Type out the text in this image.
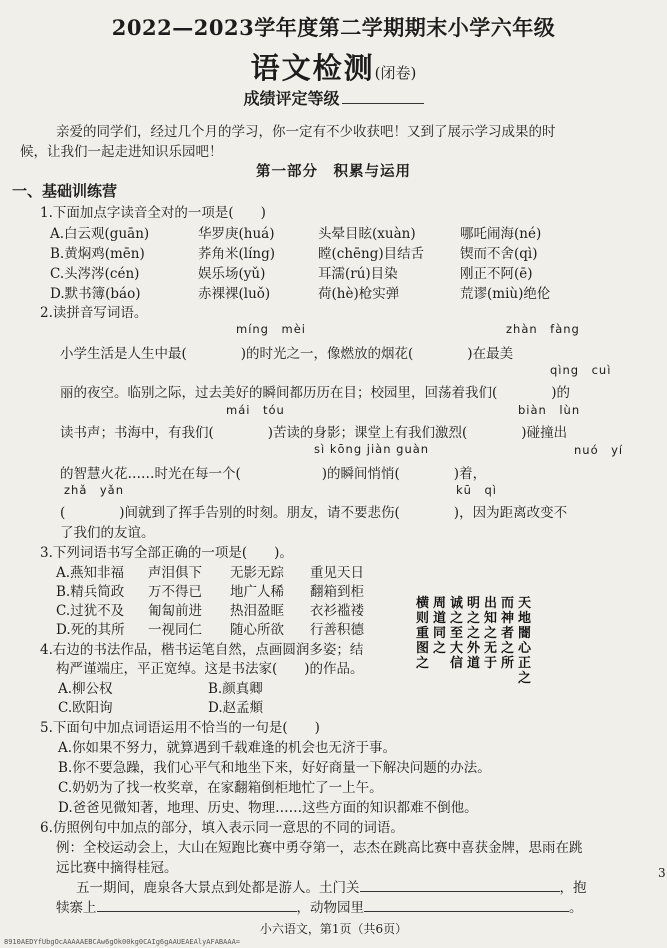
2022—2023学年度第二学期期末小学六年级
语文检测(闭卷)
成绩评定等级
亲爱的同学们，经过几个月的学习，你一定有不少收获吧！又到了展示学习成果的时
候，让我们一起走进知识乐园吧！
第一部分　积累与运用
一、基础训练营
1.下面加点字读音全对的一项是(　　)
A.白云观(guān)	华罗庚(huá)	头晕目眩(xuàn)	哪吒闹海(né)
B.黄焖鸡(mēn)	荞角米(líng)	瞠(chēng)目结舌	锲而不舍(qì)
C.头涔涔(cén)	娱乐场(yǔ)	耳濡(rú)目染	刚正不阿(ē)
D.默书簿(báo)	赤裸裸(luǒ)	荷(hè)枪实弹	荒谬(miù)绝伦
2.读拼音写词语。
míng　mèi	zhàn　fàng
小学生活是人生中最(　　　　)的时光之一，像燃放的烟花(　　　　)在最美
qìng　cuì
丽的夜空。临别之际，过去美好的瞬间都历历在目；校园里，回荡着我们(　　　　)的
mái　tóu	biàn　lùn
读书声；书海中，有我们(　　　　)苦读的身影；课堂上有我们激烈(　　　　)碰撞出
sì kōng jiàn guàn	nuó　yí
的智慧火花……时光在每一个(　　　　　　)的瞬间悄悄(　　　　)着，
zhǎ　yǎn	kū　qì
(　　　　)间就到了挥手告别的时刻。朋友，请不要悲伤(　　　　)，因为距离改变不
了我们的友谊。
3.下列词语书写全部正确的一项是(　　)。
A.燕知非福 声泪俱下 无影无踪 重见天日
B.精兵简政 万不得已 地广人稀 翻箱到柜
C.过犹不及 匍匐前进 热泪盈眶 衣衫褴褛
D.死的其所 一视同仁 随心所欲 行善积德
4.右边的书法作品，楷书运笔自然，点画圆润多姿；结
构严谨端庄，平正宽绰。这是书法家(　　)的作品。
A.柳公权	B.颜真卿
C.欧阳询	D.赵孟頫
天地闇心正之
而神者之所
出知之无于
明之之外道
诚之至大信
周道同之
横则重图之
5.下面句中加点词语运用不恰当的一句是(　　)
A.你如果不努力，就算遇到千载难逢的机会也无济于事。
B.你不要急躁，我们心平气和地坐下来，好好商量一下解决问题的办法。
C.奶奶为了找一枚奖章，在家翻箱倒柜地忙了一上午。
D.爸爸见微知著，地理、历史、物理……这些方面的知识都难不倒他。
6.仿照例句中加点的部分，填入表示同一意思的不同的词语。
例：全校运动会上，大山在短跑比赛中勇夺第一，志杰在跳高比赛中喜获金牌，思雨在跳
远比赛中摘得桂冠。
五一期间，鹿泉各大景点到处都是游人。土门关	，抱
犊寨上	，动物园里	。
3
小六语文，第1页（共6页）
8910AEDYfUbgOcAAAAAEBCAw6gOk00kg0CAIg6gAAUEAEAlyAFABAAA=
